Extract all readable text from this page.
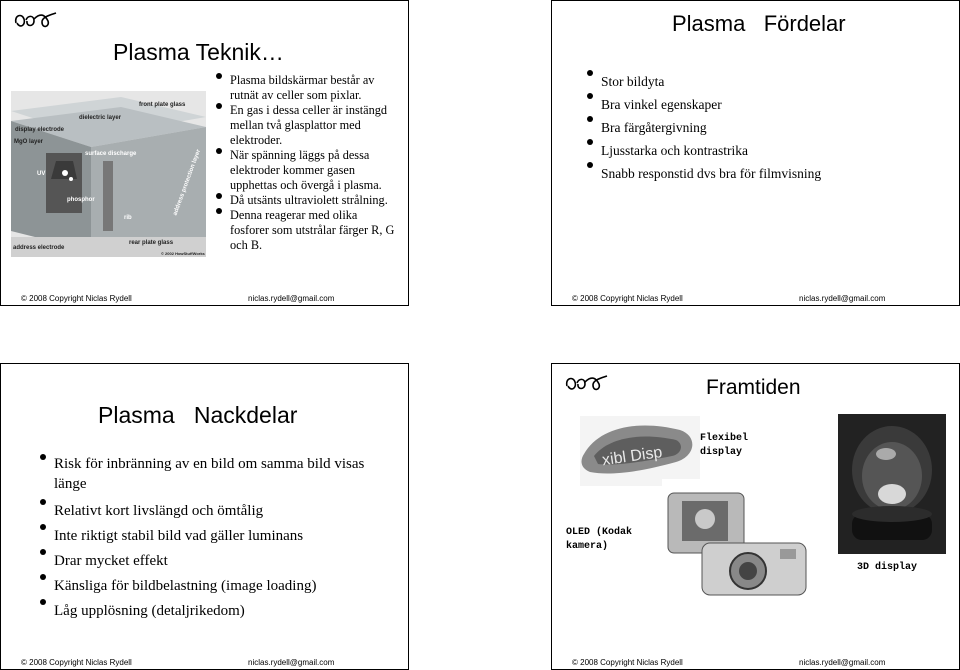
Plasma Teknik…
front plate glass
dielectric layer
display electrode
MgO layer
surface discharge
UV
phosphor
rib
address protection layer
rear plate glass
address electrode
© 2002 HowStuffWorks
Plasma bildskärmar består av rutnät av celler som pixlar.
En gas i dessa celler är instängd mellan två glasplattor med elektroder.
När spänning läggs på dessa elektroder kommer gasen upphettas och övergå i plasma.
Då utsänts ultraviolett strålning.
Denna reagerar med olika fosforer som utstrålar färger R, G och B.
© 2008 Copyright Niclas Rydell	niclas.rydell@gmail.com
Plasma   Fördelar
Stor bildyta
Bra vinkel egenskaper
Bra färgåtergivning
Ljusstarka och kontrastrika
Snabb responstid dvs bra för filmvisning
© 2008 Copyright Niclas Rydell	niclas.rydell@gmail.com
Plasma   Nackdelar
Risk för inbränning av en bild om samma bild visas länge
Relativt kort livslängd och ömtålig
Inte riktigt stabil bild vad gäller luminans
Drar mycket effekt
Känsliga för bildbelastning (image loading)
Låg upplösning (detaljrikedom)
© 2008 Copyright Niclas Rydell	niclas.rydell@gmail.com
Framtiden
xibl Disp
Flexibel display
OLED (Kodak kamera)
3D display
© 2008 Copyright Niclas Rydell	niclas.rydell@gmail.com
